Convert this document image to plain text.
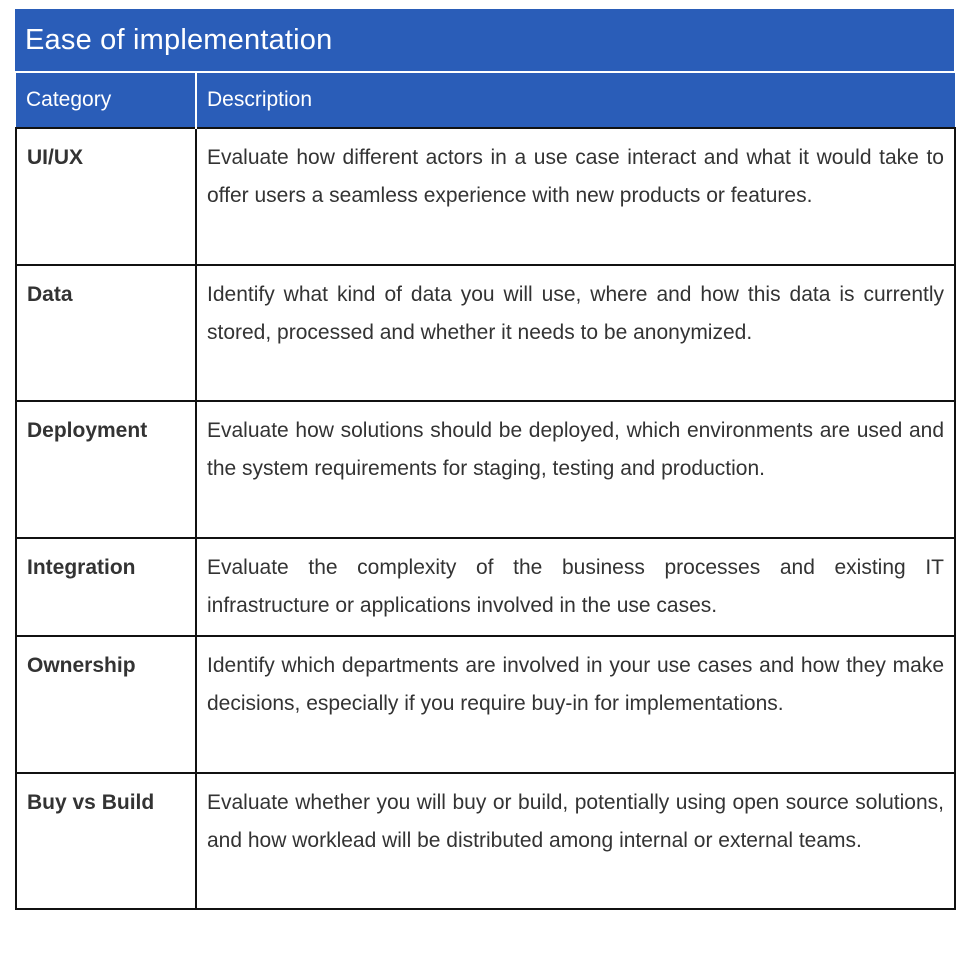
Ease of implementation
Category	Description
UI/UX	Evaluate how different actors in a use case interact and what it would take to offer users a seamless experience with new products or features.
Data	Identify what kind of data you will use, where and how this data is currently stored, processed and whether it needs to be anonymized.
Deployment	Evaluate how solutions should be deployed, which environments are used and the system requirements for staging, testing and production.
Integration	Evaluate the complexity of the business processes and existing IT infrastructure or applications involved in the use cases.
Ownership	Identify which departments are involved in your use cases and how they make decisions, especially if you require buy-in for implementations.
Buy vs Build	Evaluate whether you will buy or build, potentially using open source solutions, and how worklead will be distributed among internal or external teams.
